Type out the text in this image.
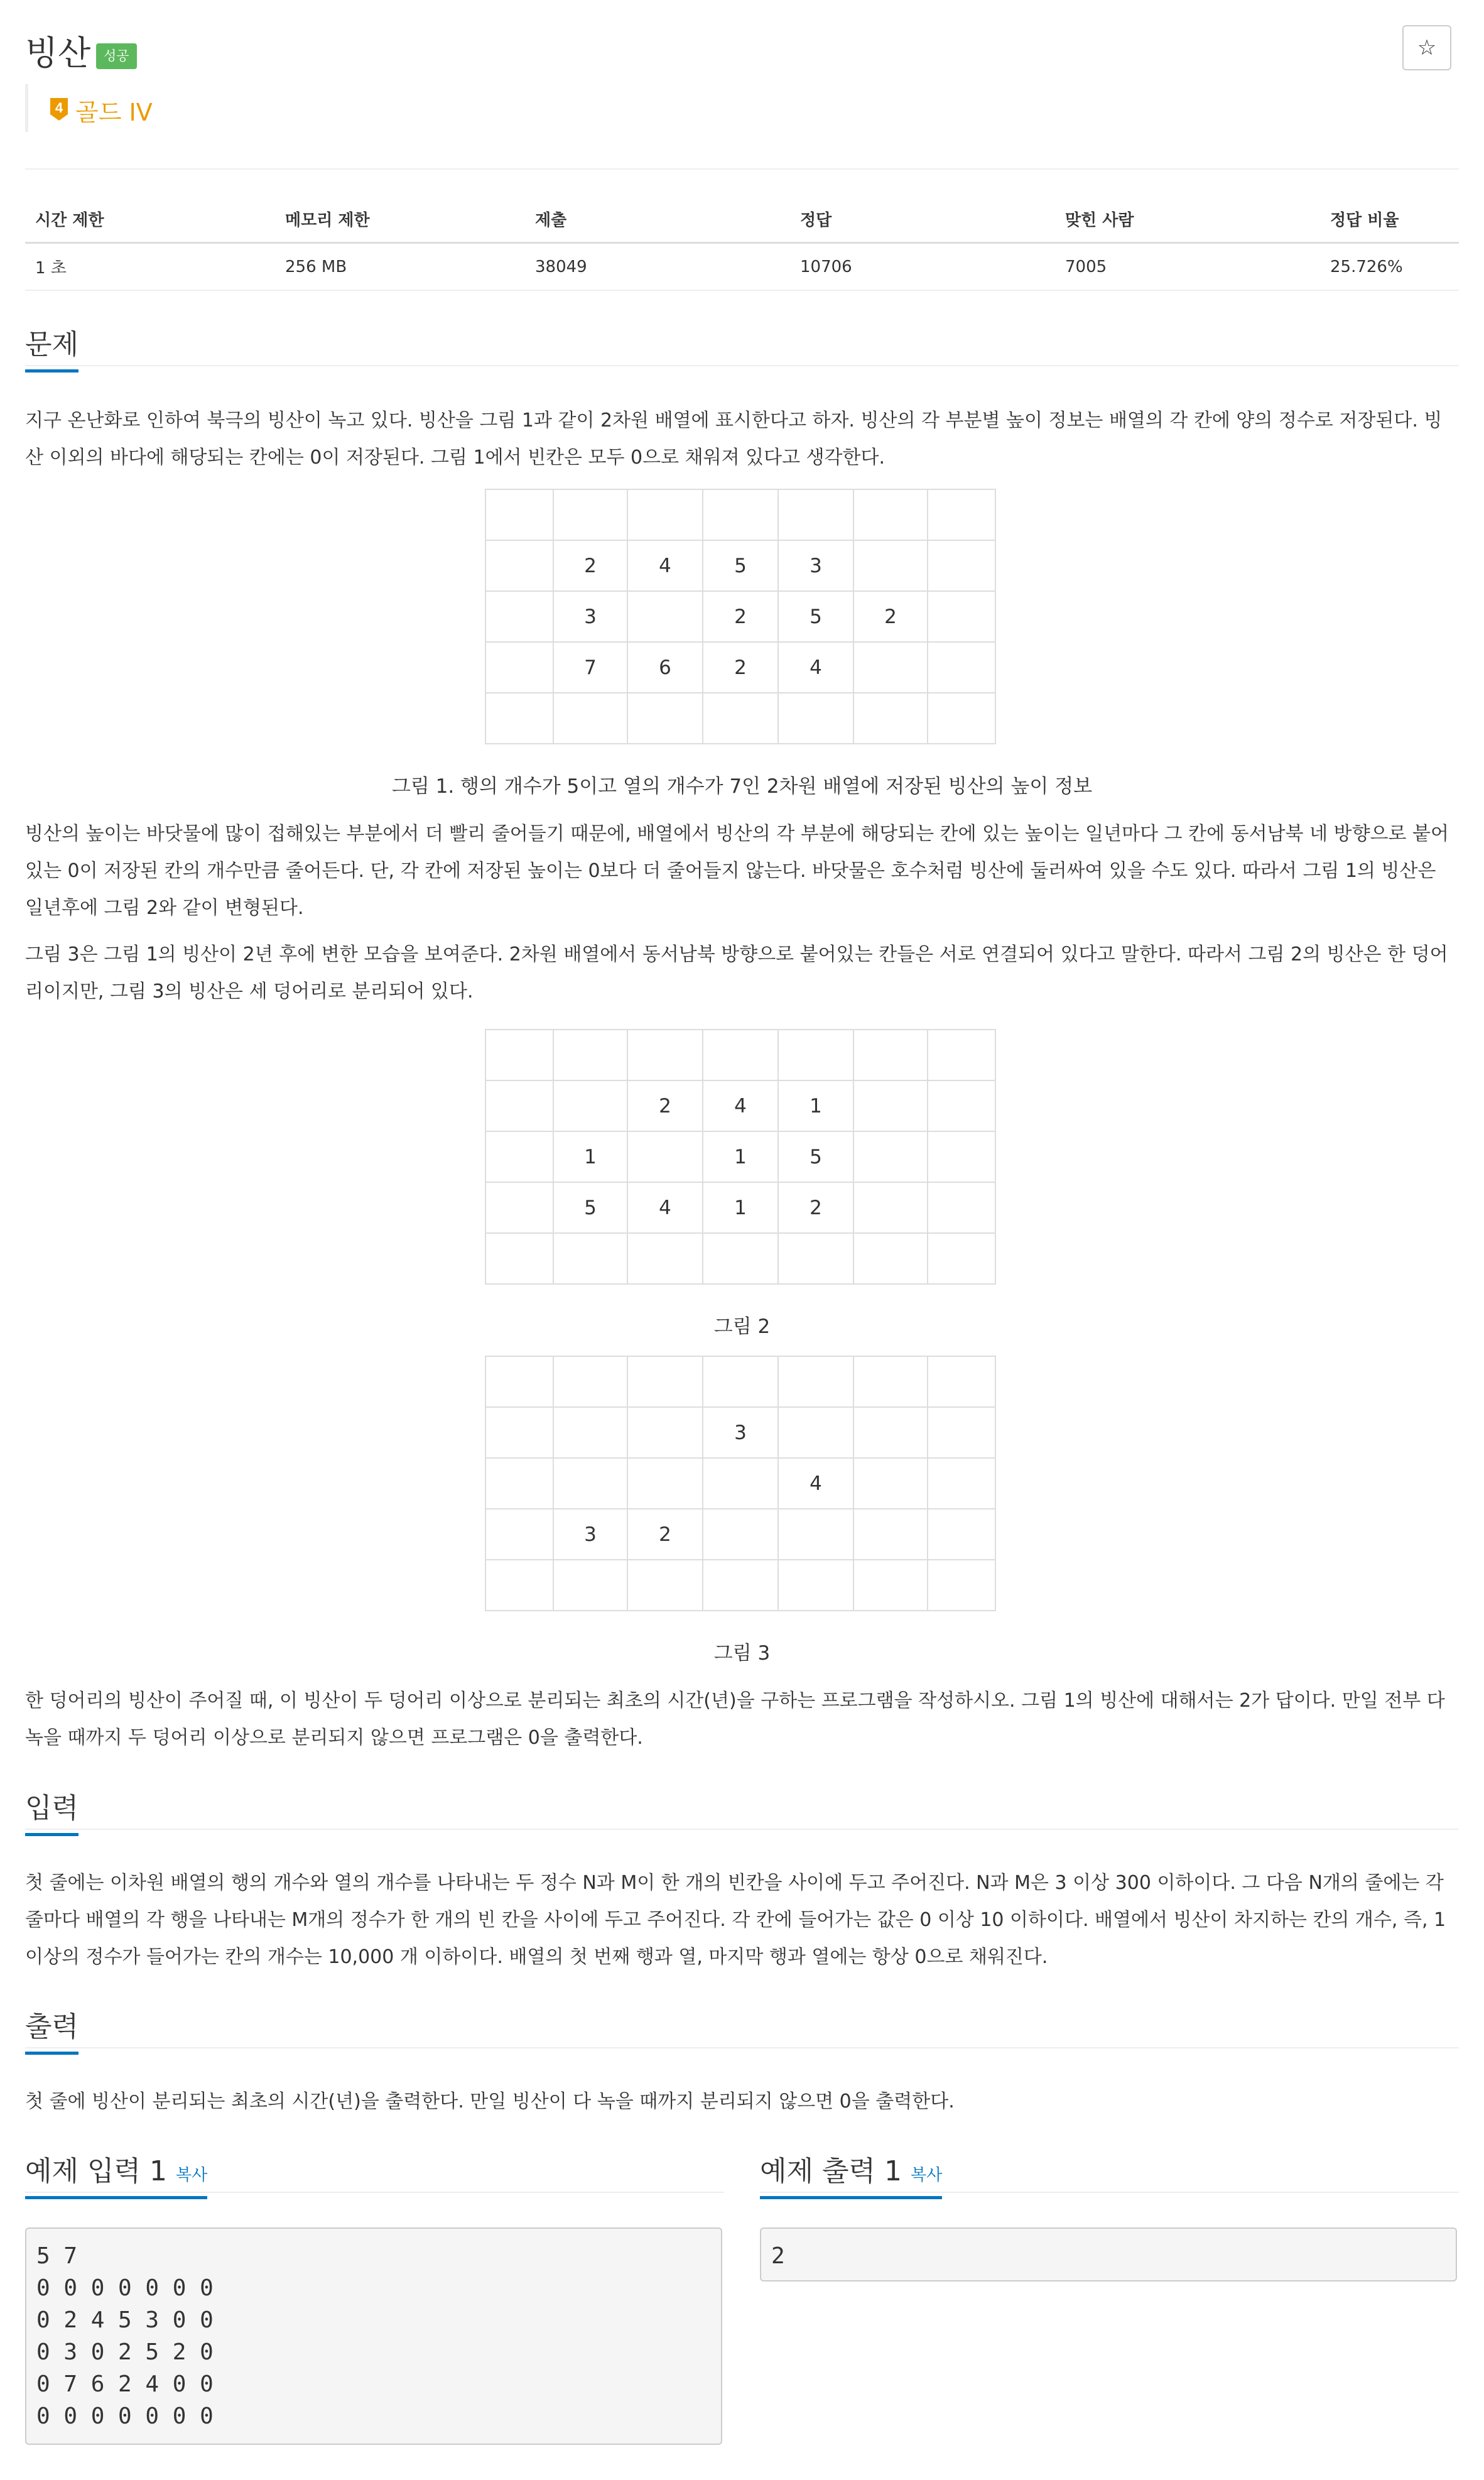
빙산 성공	☆
4 골드 IV
시간 제한	메모리 제한	제출	정답	맞힌 사람	정답 비율
1 초	256 MB	38049	10706	7005	25.726%
문제
지구 온난화로 인하여 북극의 빙산이 녹고 있다. 빙산을 그림 1과 같이 2차원 배열에 표시한다고 하자. 빙산의 각 부분별 높이 정보는 배열의 각 칸에 양의 정수로 저장된다. 빙산 이외의 바다에 해당되는 칸에는 0이 저장된다. 그림 1에서 빈칸은 모두 0으로 채워져 있다고 생각한다.

	2	4	5	3		
	3		2	5	2	
	7	6	2	4		

그림 1. 행의 개수가 5이고 열의 개수가 7인 2차원 배열에 저장된 빙산의 높이 정보
빙산의 높이는 바닷물에 많이 접해있는 부분에서 더 빨리 줄어들기 때문에, 배열에서 빙산의 각 부분에 해당되는 칸에 있는 높이는 일년마다 그 칸에 동서남북 네 방향으로 붙어있는 0이 저장된 칸의 개수만큼 줄어든다. 단, 각 칸에 저장된 높이는 0보다 더 줄어들지 않는다. 바닷물은 호수처럼 빙산에 둘러싸여 있을 수도 있다. 따라서 그림 1의 빙산은 일년후에 그림 2와 같이 변형된다.
그림 3은 그림 1의 빙산이 2년 후에 변한 모습을 보여준다. 2차원 배열에서 동서남북 방향으로 붙어있는 칸들은 서로 연결되어 있다고 말한다. 따라서 그림 2의 빙산은 한 덩어리이지만, 그림 3의 빙산은 세 덩어리로 분리되어 있다.

		2	4	1		
	1		1	5		
	5	4	1	2		

그림 2

			3			
				4		
	3	2				

그림 3
한 덩어리의 빙산이 주어질 때, 이 빙산이 두 덩어리 이상으로 분리되는 최초의 시간(년)을 구하는 프로그램을 작성하시오. 그림 1의 빙산에 대해서는 2가 답이다. 만일 전부 다 녹을 때까지 두 덩어리 이상으로 분리되지 않으면 프로그램은 0을 출력한다.
입력
첫 줄에는 이차원 배열의 행의 개수와 열의 개수를 나타내는 두 정수 N과 M이 한 개의 빈칸을 사이에 두고 주어진다. N과 M은 3 이상 300 이하이다. 그 다음 N개의 줄에는 각 줄마다 배열의 각 행을 나타내는 M개의 정수가 한 개의 빈 칸을 사이에 두고 주어진다. 각 칸에 들어가는 값은 0 이상 10 이하이다. 배열에서 빙산이 차지하는 칸의 개수, 즉, 1 이상의 정수가 들어가는 칸의 개수는 10,000 개 이하이다. 배열의 첫 번째 행과 열, 마지막 행과 열에는 항상 0으로 채워진다.
출력
첫 줄에 빙산이 분리되는 최초의 시간(년)을 출력한다. 만일 빙산이 다 녹을 때까지 분리되지 않으면 0을 출력한다.
예제 입력 1 복사	예제 출력 1 복사
5 7
0 0 0 0 0 0 0
0 2 4 5 3 0 0
0 3 0 2 5 2 0
0 7 6 2 4 0 0
0 0 0 0 0 0 0
2
